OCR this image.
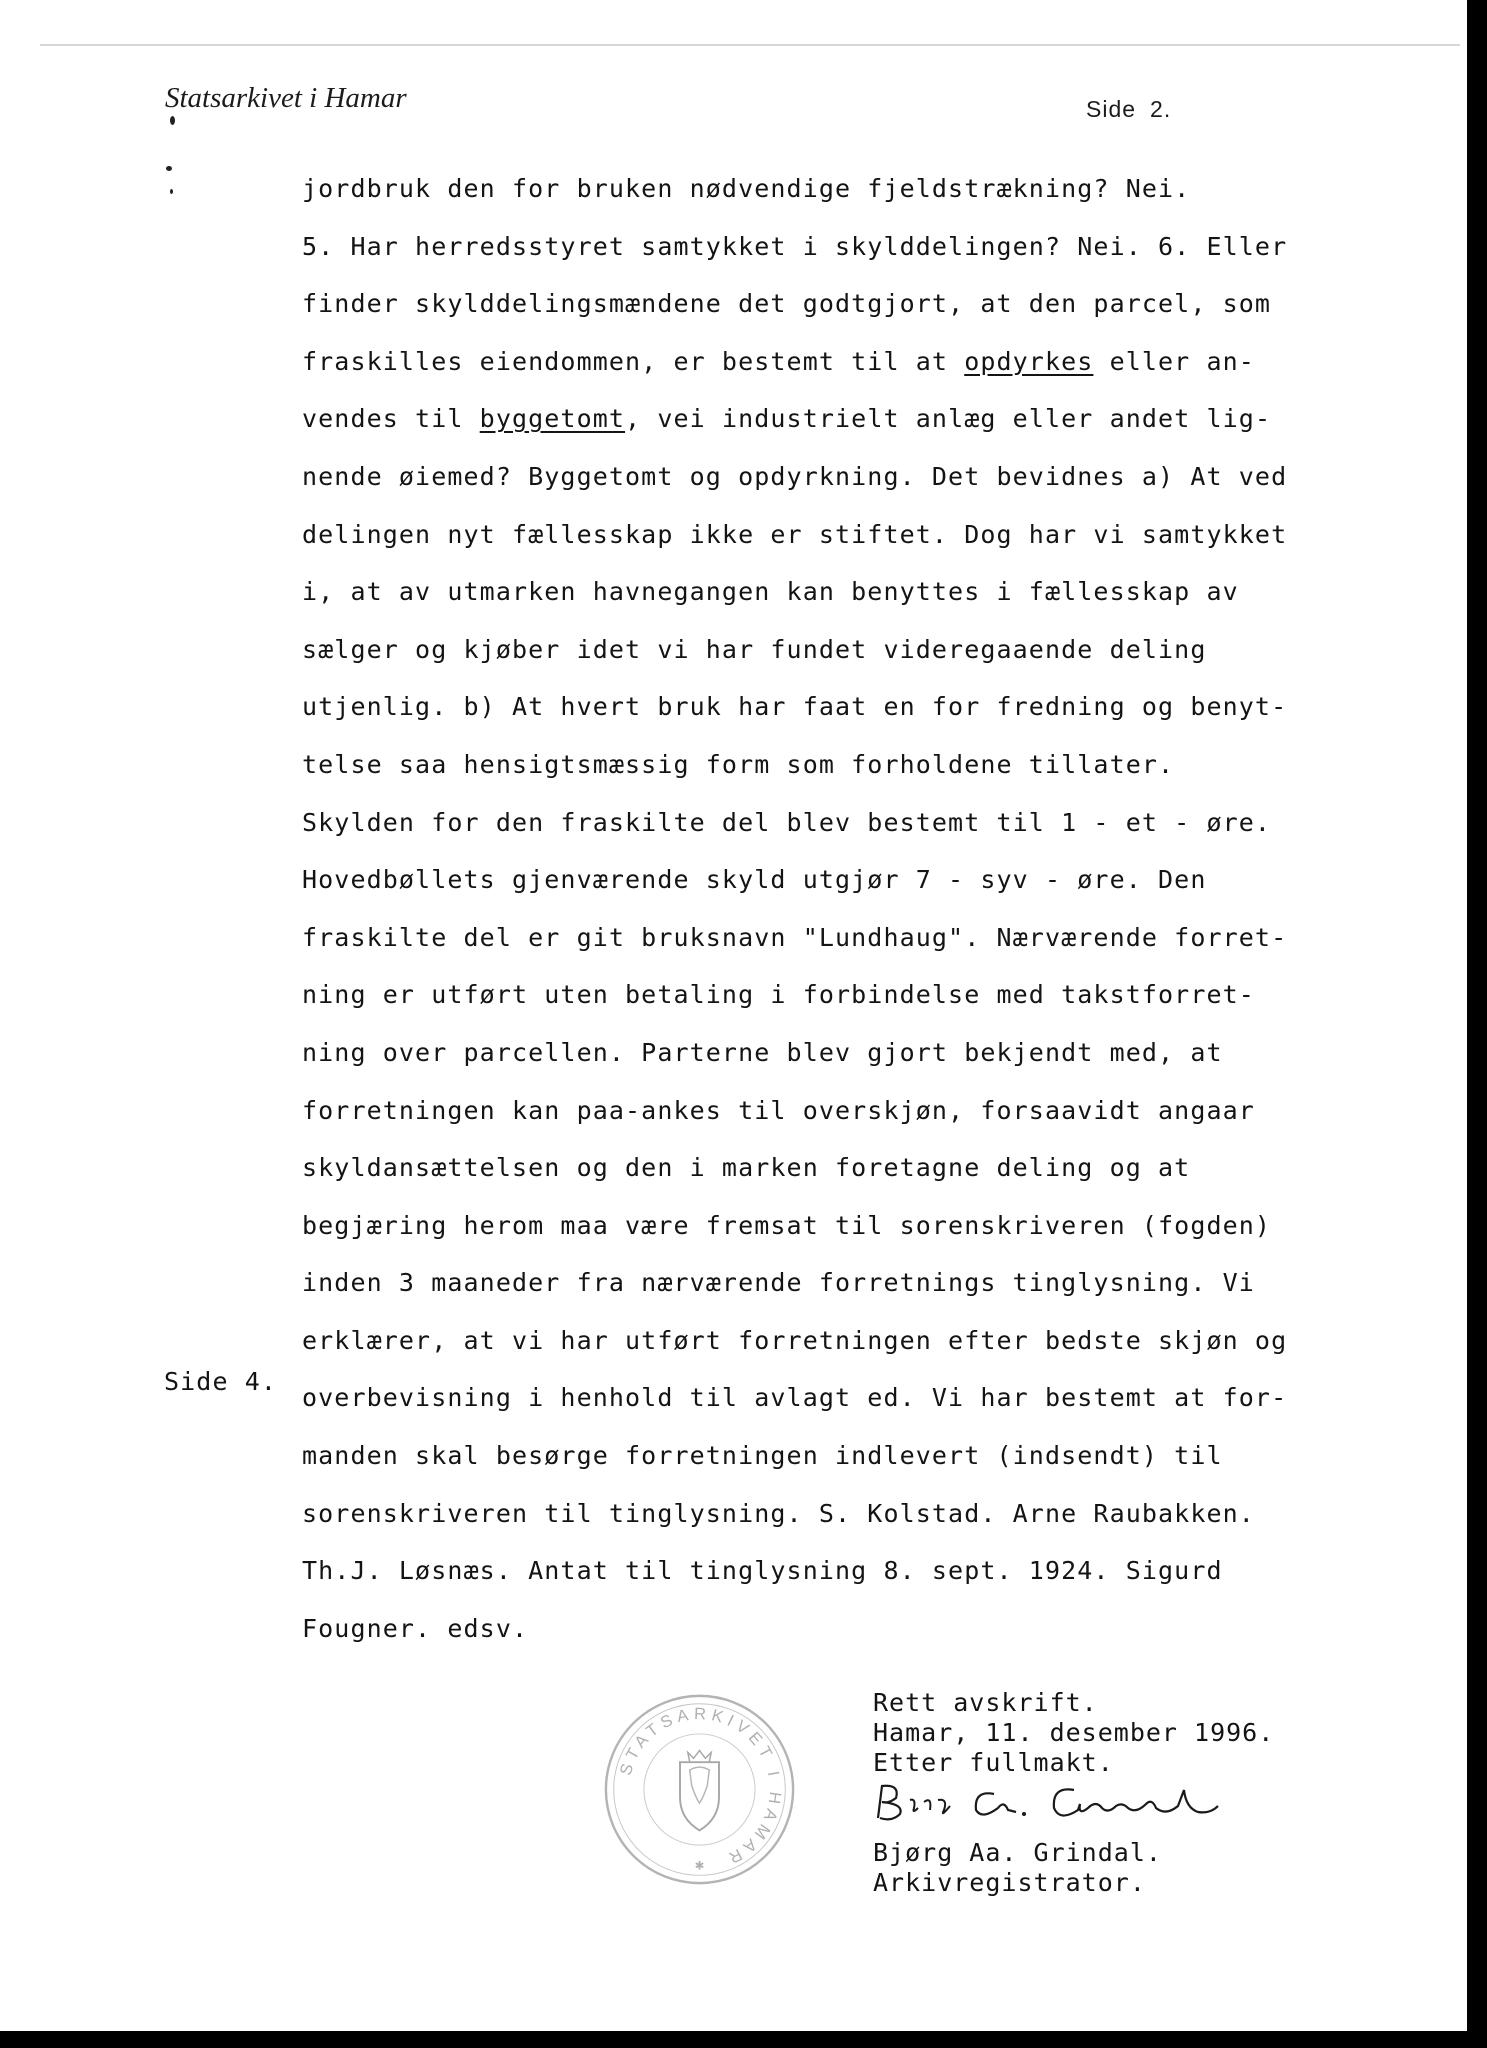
Statsarkivet i Hamar	Side 2.
jordbruk den for bruken nødvendige fjeldstrækning? Nei.
5. Har herredsstyret samtykket i skylddelingen? Nei. 6. Eller
finder skylddelingsmændene det godtgjort, at den parcel, som
fraskilles eiendommen, er bestemt til at opdyrkes eller an-
vendes til byggetomt, vei industrielt anlæg eller andet lig-
nende øiemed? Byggetomt og opdyrkning. Det bevidnes a) At ved
delingen nyt fællesskap ikke er stiftet. Dog har vi samtykket
i, at av utmarken havnegangen kan benyttes i fællesskap av
sælger og kjøber idet vi har fundet videregaaende deling
utjenlig. b) At hvert bruk har faat en for fredning og benyt-
telse saa hensigtsmæssig form som forholdene tillater.
Skylden for den fraskilte del blev bestemt til 1 - et - øre.
Hovedbøllets gjenværende skyld utgjør 7 - syv - øre. Den
fraskilte del er git bruksnavn "Lundhaug". Nærværende forret-
ning er utført uten betaling i forbindelse med takstforret-
ning over parcellen. Parterne blev gjort bekjendt med, at
forretningen kan paa-ankes til overskjøn, forsaavidt angaar
skyldansættelsen og den i marken foretagne deling og at
begjæring herom maa være fremsat til sorenskriveren (fogden)
inden 3 maaneder fra nærværende forretnings tinglysning. Vi
erklærer, at vi har utført forretningen efter bedste skjøn og
overbevisning i henhold til avlagt ed. Vi har bestemt at for-
manden skal besørge forretningen indlevert (indsendt) til
sorenskriveren til tinglysning. S. Kolstad. Arne Raubakken.
Th.J. Løsnæs. Antat til tinglysning 8. sept. 1924. Sigurd
Fougner. edsv.
Side 4.
STATSARKIVET I HAMAR
✱
Rett avskrift.
Hamar, 11. desember 1996.
Etter fullmakt.
Bjørg Aa. Grindal.
Arkivregistrator.
